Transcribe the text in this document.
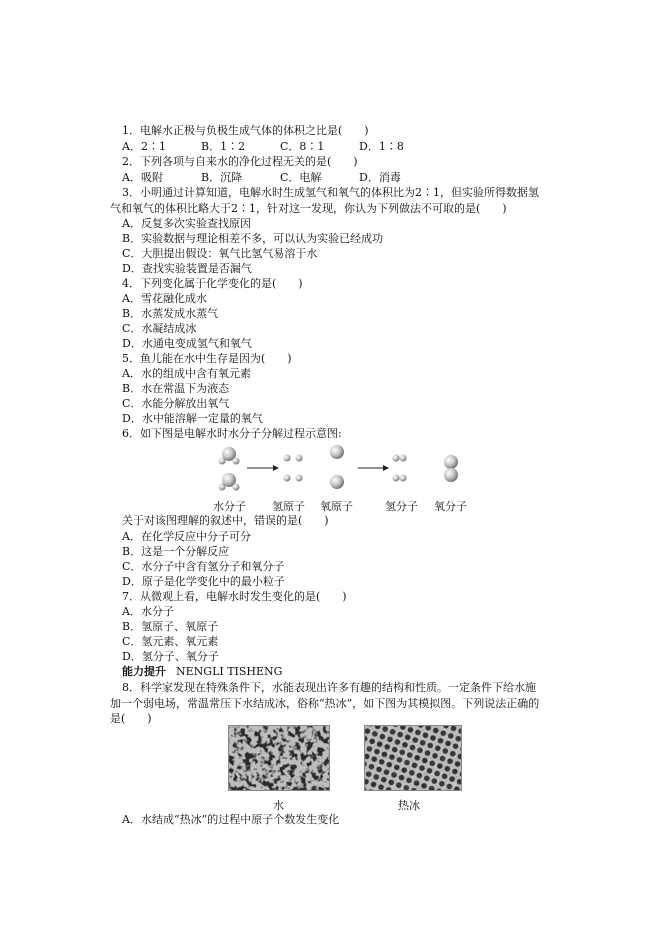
1．电解水正极与负极生成气体的体积之比是(　　)
A．2∶1	B．1∶2	C．8∶1	D．1∶8
2．下列各项与自来水的净化过程无关的是(　　)
A．吸附	B．沉降	C．电解	D．消毒
3．小明通过计算知道，电解水时生成氢气和氧气的体积比为2∶1，但实验所得数据氢
气和氧气的体积比略大于2∶1，针对这一发现，你认为下列做法不可取的是(　　)
A．反复多次实验查找原因
B．实验数据与理论相差不多，可以认为实验已经成功
C．大胆提出假设：氧气比氢气易溶于水
D．查找实验装置是否漏气
4．下列变化属于化学变化的是(　　)
A．雪花融化成水
B．水蒸发成水蒸气
C．水凝结成冰
D．水通电变成氢气和氧气
5．鱼儿能在水中生存是因为(　　)
A．水的组成中含有氧元素
B．水在常温下为液态
C．水能分解放出氧气
D．水中能溶解一定量的氧气
6．如下图是电解水时水分子分解过程示意图:
水分子 氢原子 氧原子	氢分子 氧分子
关于对该图理解的叙述中，错误的是(　　)
A．在化学反应中分子可分
B．这是一个分解反应
C．水分子中含有氢分子和氧分子
D．原子是化学变化中的最小粒子
7．从微观上看，电解水时发生变化的是(　　)
A．水分子
B．氢原子、氧原子
C．氢元素、氧元素
D．氢分子、氧分子
能力提升 NENGLI TISHENG
8．科学家发现在特殊条件下，水能表现出许多有趣的结构和性质。一定条件下给水施
加一个弱电场，常温常压下水结成冰，俗称“热冰”，如下图为其模拟图。下列说法正确的
是(　　)
水	热冰
A．水结成“热冰”的过程中原子个数发生变化
